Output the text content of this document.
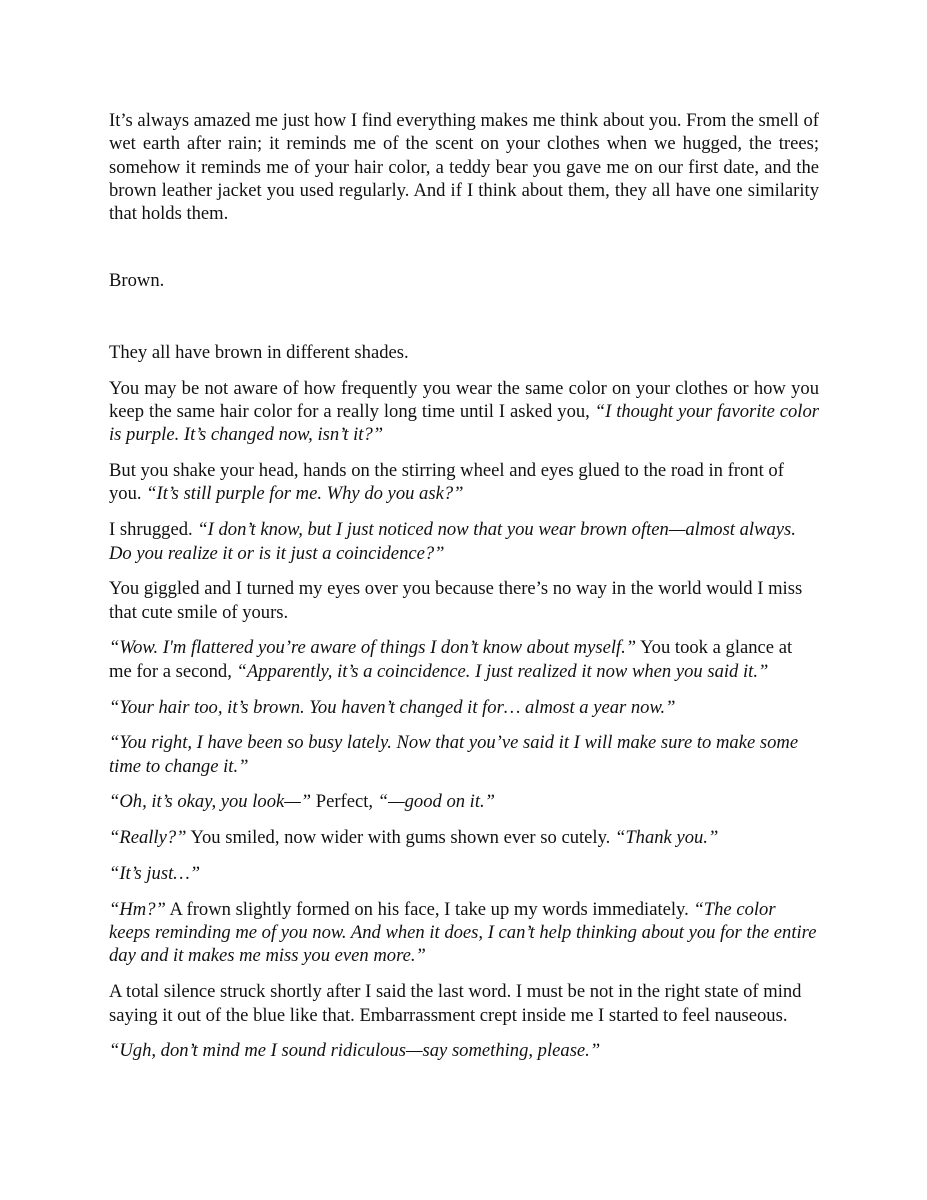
It’s always amazed me just how I find everything makes me think about you. From the smell of wet earth after rain; it reminds me of the scent on your clothes when we hugged, the trees; somehow it reminds me of your hair color, a teddy bear you gave me on our first date, and the brown leather jacket you used regularly. And if I think about them, they all have one similarity that holds them.

Brown.

They all have brown in different shades.

You may be not aware of how frequently you wear the same color on your clothes or how you keep the same hair color for a really long time until I asked you, “I thought your favorite color is purple. It’s changed now, isn’t it?”

But you shake your head, hands on the stirring wheel and eyes glued to the road in front of you. “It’s still purple for me. Why do you ask?”

I shrugged. “I don’t know, but I just noticed now that you wear brown often—almost always. Do you realize it or is it just a coincidence?”

You giggled and I turned my eyes over you because there’s no way in the world would I miss that cute smile of yours.

“Wow. I'm flattered you’re aware of things I don’t know about myself.” You took a glance at me for a second, “Apparently, it’s a coincidence. I just realized it now when you said it.”

“Your hair too, it’s brown. You haven’t changed it for… almost a year now.”

“You right, I have been so busy lately. Now that you’ve said it I will make sure to make some time to change it.”

“Oh, it’s okay, you look—” Perfect, “—good on it.”

“Really?” You smiled, now wider with gums shown ever so cutely. “Thank you.”

“It’s just…”

“Hm?” A frown slightly formed on his face, I take up my words immediately. “The color keeps reminding me of you now. And when it does, I can’t help thinking about you for the entire day and it makes me miss you even more.”

A total silence struck shortly after I said the last word. I must be not in the right state of mind saying it out of the blue like that. Embarrassment crept inside me I started to feel nauseous.

“Ugh, don’t mind me I sound ridiculous—say something, please.”
